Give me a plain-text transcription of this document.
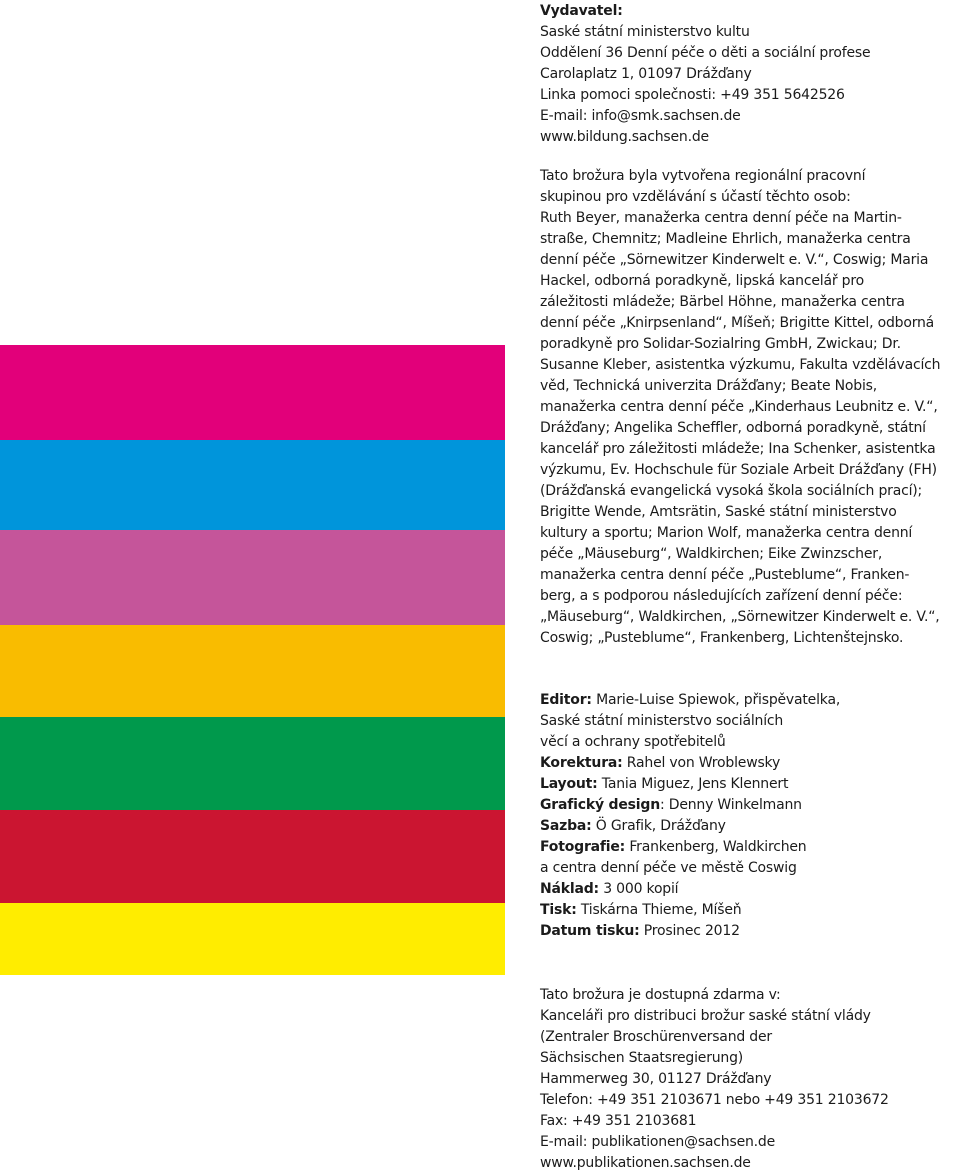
Vydavatel:
Saské státní ministerstvo kultu
Oddělení 36 Denní péče o děti a sociální profese
Carolaplatz 1, 01097 Drážďany
Linka pomoci společnosti: +49 351 5642526
E-mail: info@smk.sachsen.de
www.bildung.sachsen.de
Tato brožura byla vytvořena regionální pracovní
skupinou pro vzdělávání s účastí těchto osob:
Ruth Beyer, manažerka centra denní péče na Martin-
straße, Chemnitz; Madleine Ehrlich, manažerka centra
denní péče „Sörnewitzer Kinderwelt e. V.“, Coswig; Maria
Hackel, odborná poradkyně, lipská kancelář pro
záležitosti mládeže; Bärbel Höhne, manažerka centra
denní péče „Knirpsenland“, Míšeň; Brigitte Kittel, odborná
poradkyně pro Solidar-Sozialring GmbH, Zwickau; Dr.
Susanne Kleber, asistentka výzkumu, Fakulta vzdělávacích
věd, Technická univerzita Drážďany; Beate Nobis,
manažerka centra denní péče „Kinderhaus Leubnitz e. V.“,
Drážďany; Angelika Scheffler, odborná poradkyně, státní
kancelář pro záležitosti mládeže; Ina Schenker, asistentka
výzkumu, Ev. Hochschule für Soziale Arbeit Drážďany (FH)
(Drážďanská evangelická vysoká škola sociálních prací);
Brigitte Wende, Amtsrätin, Saské státní ministerstvo
kultury a sportu; Marion Wolf, manažerka centra denní
péče „Mäuseburg“, Waldkirchen; Eike Zwinzscher,
manažerka centra denní péče „Pusteblume“, Franken-
berg, a s podporou následujících zařízení denní péče:
„Mäuseburg“, Waldkirchen, „Sörnewitzer Kinderwelt e. V.“,
Coswig; „Pusteblume“, Frankenberg, Lichtenštejnsko.
Editor: Marie-Luise Spiewok, přispěvatelka,
Saské státní ministerstvo sociálních
věcí a ochrany spotřebitelů
Korektura: Rahel von Wroblewsky
Layout: Tania Miguez, Jens Klennert
Grafický design: Denny Winkelmann
Sazba: Ö Grafik, Drážďany
Fotografie: Frankenberg, Waldkirchen
a centra denní péče ve městě Coswig
Náklad: 3 000 kopií
Tisk: Tiskárna Thieme, Míšeň
Datum tisku: Prosinec 2012
Tato brožura je dostupná zdarma v:
Kanceláři pro distribuci brožur saské státní vlády
(Zentraler Broschürenversand der
Sächsischen Staatsregierung)
Hammerweg 30, 01127 Drážďany
Telefon: +49 351 2103671 nebo +49 351 2103672
Fax: +49 351 2103681
E-mail: publikationen@sachsen.de
www.publikationen.sachsen.de
